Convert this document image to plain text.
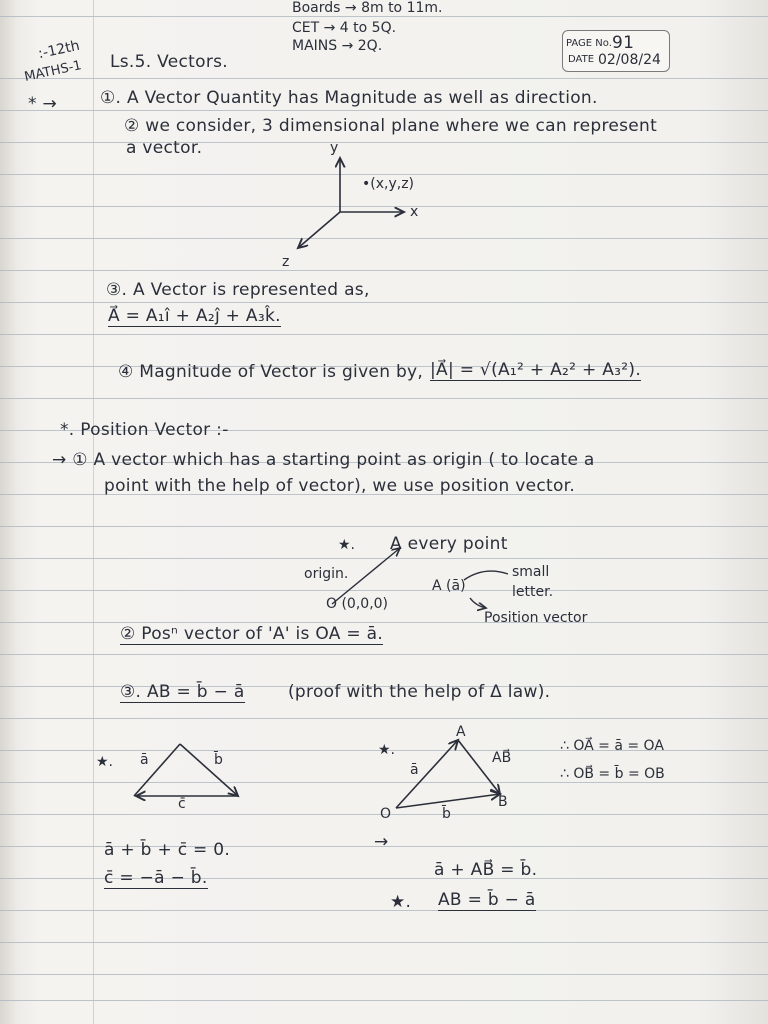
Boards → 8m to 11m.
CET → 4 to 5Q.
MAINS → 2Q.
:-12th
MATHS-1 Ls.5. Vectors.
PAGE No. 91
DATE 02/08/24
* →	①. A Vector Quantity has Magnitude as well as direction.
② we consider, 3 dimensional plane where we can represent
a vector.	y
x
z
•(x,y,z)
③. A Vector is represented as,
A⃗ = A₁î + A₂ĵ + A₃k̂.
④ Magnitude of Vector is given by, |A⃗| = √(A₁² + A₂² + A₃²).
*. Position Vector :-
→ ① A vector which has a starting point as origin ( to locate a
point with the help of vector), we use position vector.
★. A every point
origin.
O (0,0,0)
A (ā)
small letter.
Position vector
② Posⁿ vector of 'A' is OA = ā.
③. AB = b̄ − ā	(proof with the help of Δ law).
★. ā	b̄
c̄
★.
A
B
O
ā
b̄
AB⃗
∴ OA⃗ = ā = OA
∴ OB⃗ = b̄ = OB
ā + b̄ + c̄ = 0.
c̄ = −ā − b̄.
→
ā + AB⃗ = b̄.
★. AB = b̄ − ā
